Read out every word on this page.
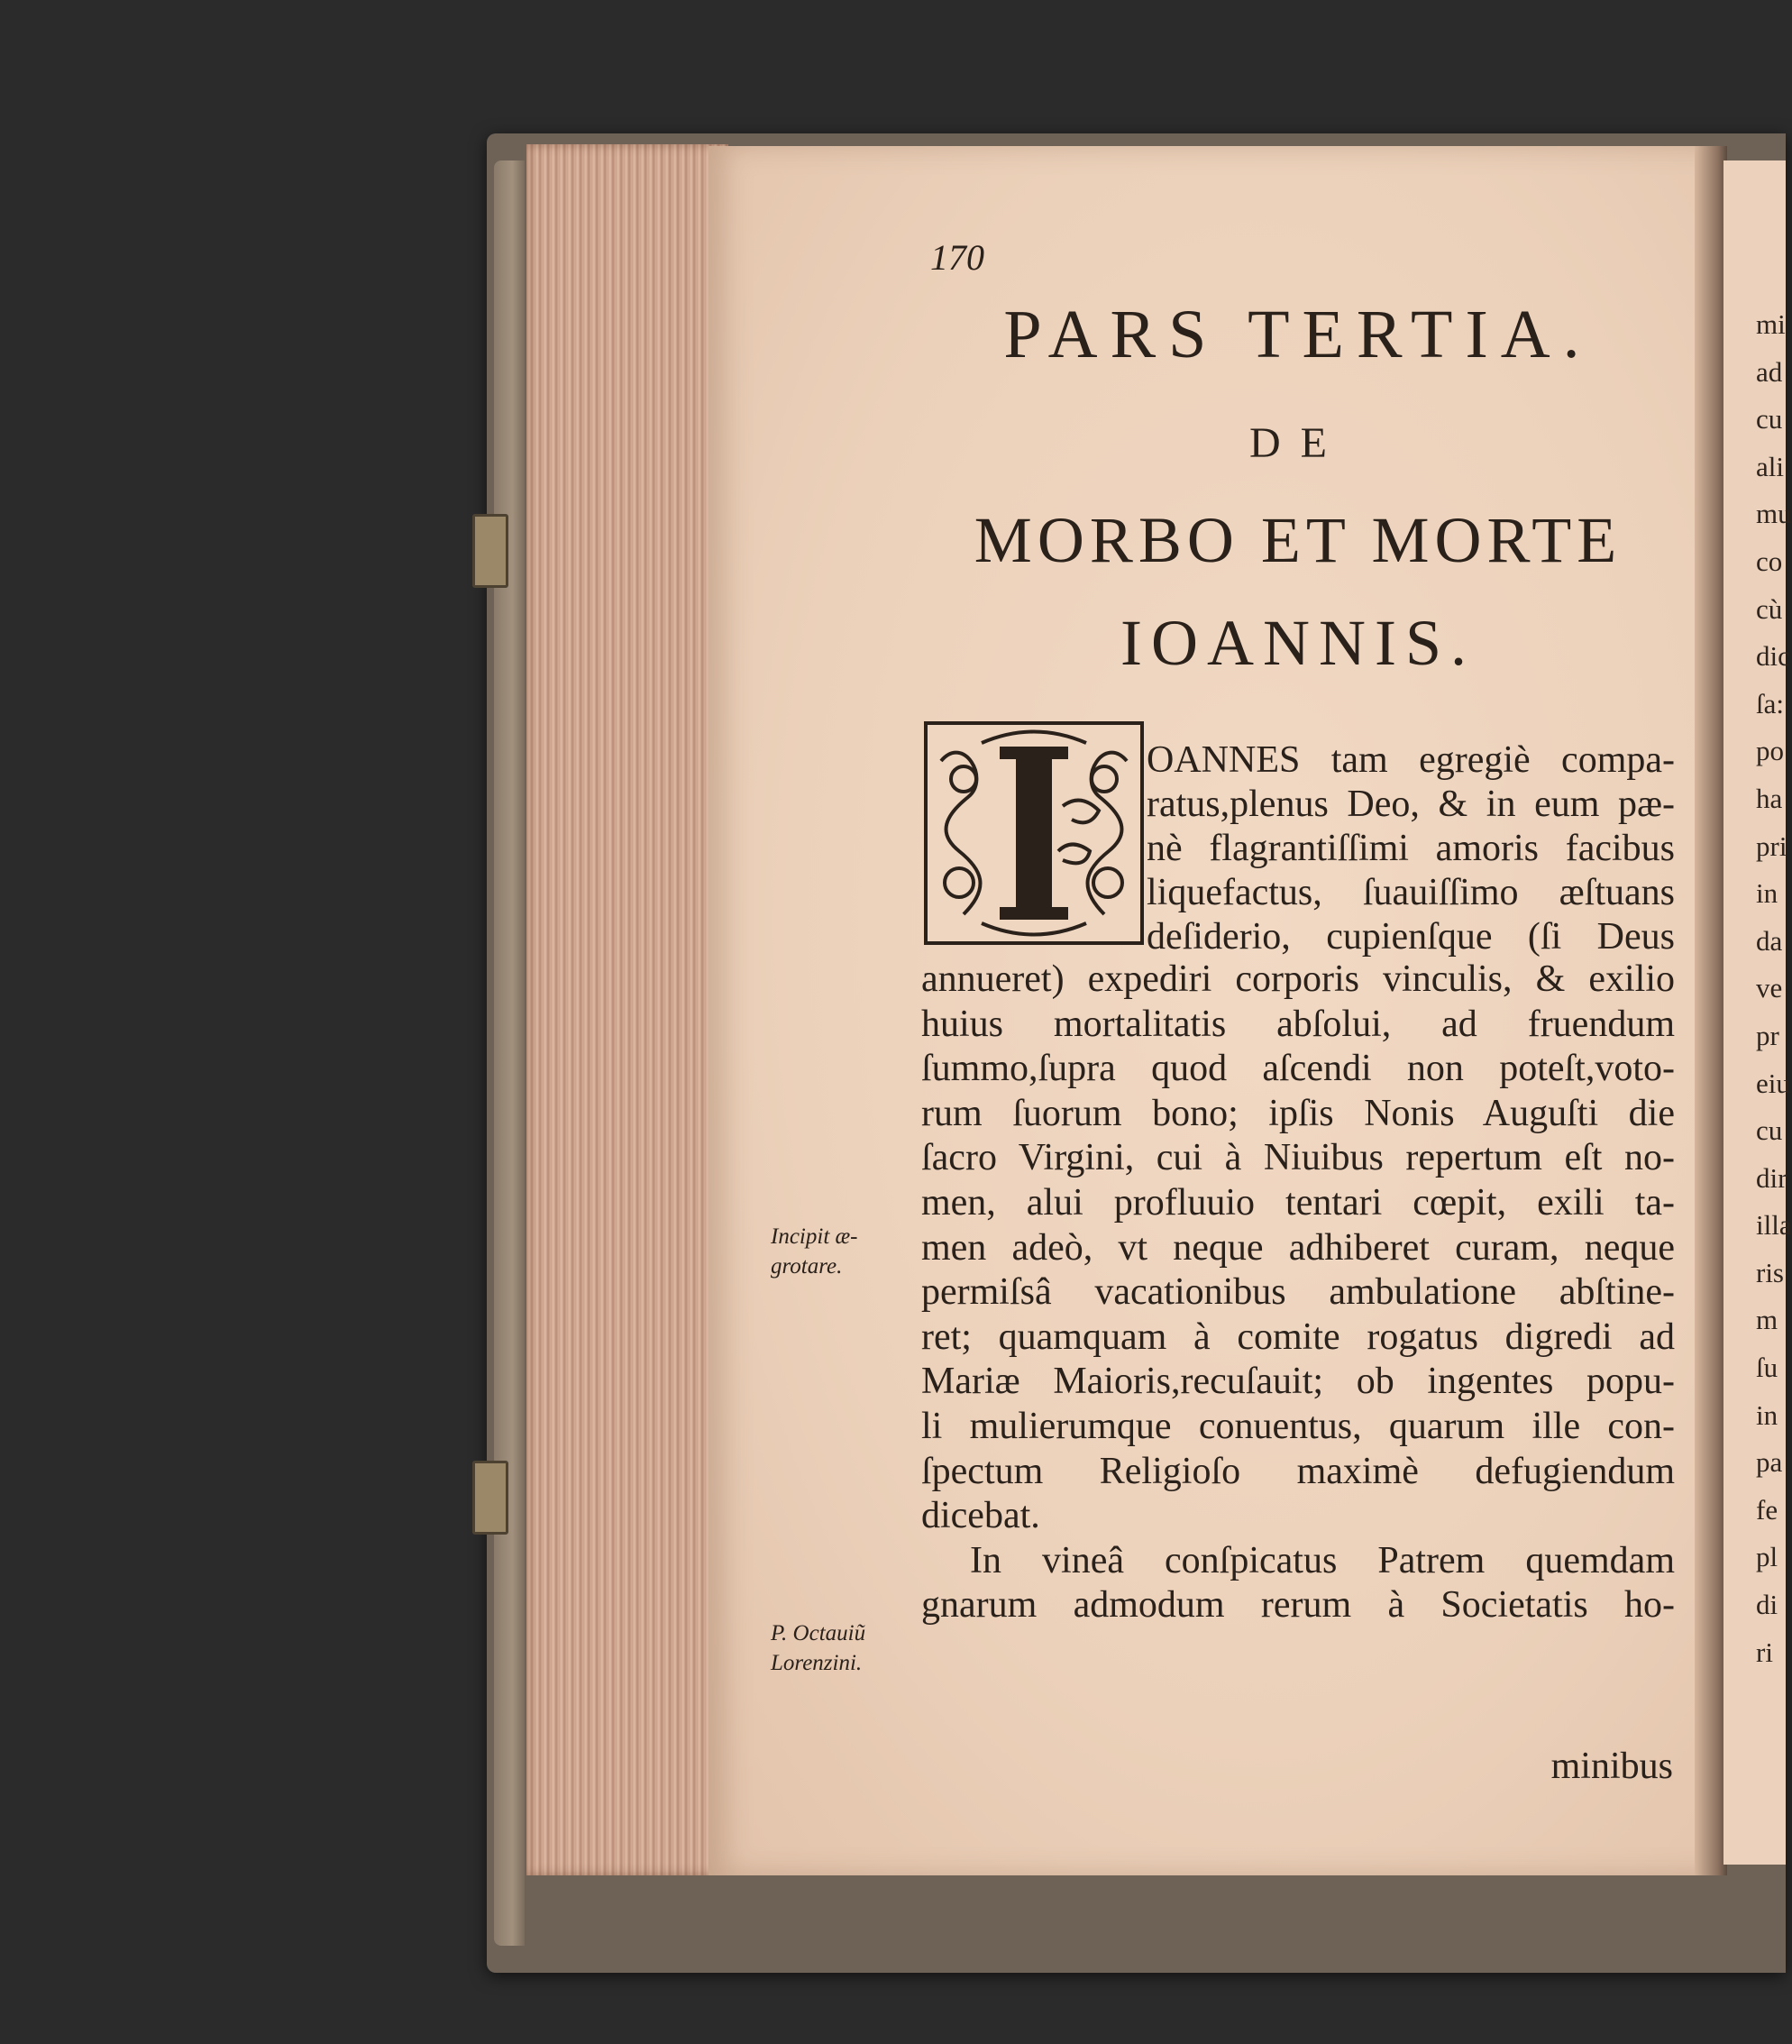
mi
ad
cu
ali
mu
co
cù
dic
ſa:
po
ha
pri
in
da
ve
pr
eiu
cu
dir
illa
ris
m
ſu
in
pa
fe
pl
di
ri
170
PARS TERTIA.
DE
MORBO ET MORTE
IOANNIS.
OANNES tam egregiè compa-
ratus,plenus Deo, & in eum pæ-
nè flagrantiſſimi amoris facibus
liquefactus, ſuauiſſimo æſtuans
deſiderio, cupienſque (ſi Deus
annueret) expediri corporis vinculis, & exilio
huius mortalitatis abſolui, ad fruendum
ſummo,ſupra quod aſcendi non poteſt,voto-
rum ſuorum bono; ipſis Nonis Auguſti die
ſacro Virgini, cui à Niuibus repertum eſt no-
men, alui profluuio tentari cœpit, exili ta-
men adeò, vt neque adhiberet curam, neque
permiſsâ vacationibus ambulatione abſtine-
ret; quamquam à comite rogatus digredi ad
Mariæ Maioris,recuſauit; ob ingentes popu-
li mulierumque conuentus, quarum ille con-
ſpectum Religioſo maximè defugiendum
dicebat.
In vineâ conſpicatus Patrem quemdam
gnarum admodum rerum à Societatis ho-
minibus
Incipit æ-
grotare.
P. Octauiũ
Lorenzini.
